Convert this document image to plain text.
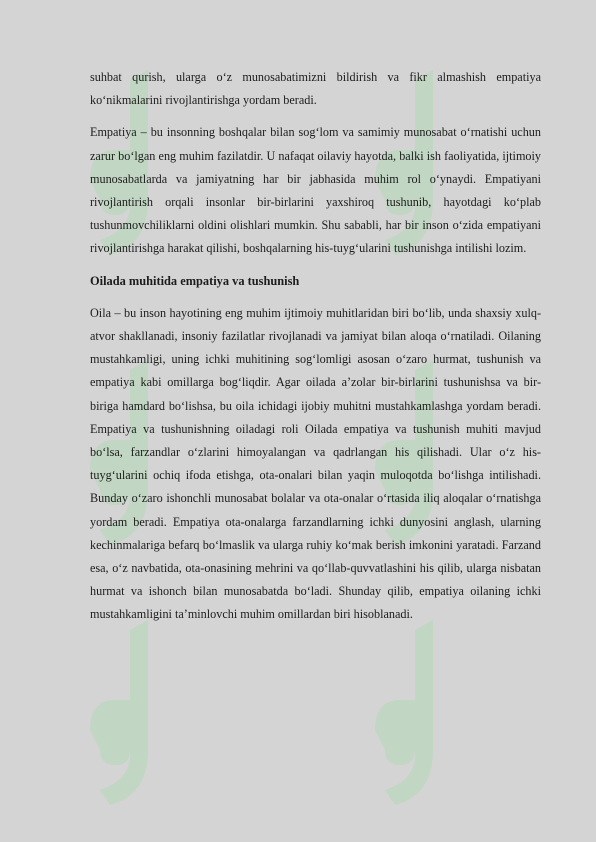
suhbat qurish, ularga o‘z munosabatimizni bildirish va fikr almashish empatiya ko‘nikmalarini rivojlantirishga yordam beradi.

Empatiya – bu insonning boshqalar bilan sog‘lom va samimiy munosabat o‘rnatishi uchun zarur bo‘lgan eng muhim fazilatdir. U nafaqat oilaviy hayotda, balki ish faoliyatida, ijtimoiy munosabatlarda va jamiyatning har bir jabhasida muhim rol o‘ynaydi. Empatiyani rivojlantirish orqali insonlar bir-birlarini yaxshiroq tushunib, hayotdagi ko‘plab tushunmovchiliklarni oldini olishlari mumkin. Shu sababli, har bir inson o‘zida empatiyani rivojlantirishga harakat qilishi, boshqalarning his-tuyg‘ularini tushunishga intilishi lozim.

Oilada muhitida empatiya va tushunish

Oila – bu inson hayotining eng muhim ijtimoiy muhitlaridan biri bo‘lib, unda shaxsiy xulq-atvor shakllanadi, insoniy fazilatlar rivojlanadi va jamiyat bilan aloqa o‘rnatiladi. Oilaning mustahkamligi, uning ichki muhitining sog‘lomligi asosan o‘zaro hurmat, tushunish va empatiya kabi omillarga bog‘liqdir. Agar oilada a’zolar bir-birlarini tushunishsa va bir-biriga hamdard bo‘lishsa, bu oila ichidagi ijobiy muhitni mustahkamlashga yordam beradi. Empatiya va tushunishning oiladagi roli Oilada empatiya va tushunish muhiti mavjud bo‘lsa, farzandlar o‘zlarini himoyalangan va qadrlangan his qilishadi. Ular o‘z his-tuyg‘ularini ochiq ifoda etishga, ota-onalari bilan yaqin muloqotda bo‘lishga intilishadi. Bunday o‘zaro ishonchli munosabat bolalar va ota-onalar o‘rtasida iliq aloqalar o‘rnatishga yordam beradi. Empatiya ota-onalarga farzandlarning ichki dunyosini anglash, ularning kechinmalariga befarq bo‘lmaslik va ularga ruhiy ko‘mak berish imkonini yaratadi. Farzand esa, o‘z navbatida, ota-onasining mehrini va qo‘llab-quvvatlashini his qilib, ularga nisbatan hurmat va ishonch bilan munosabatda bo‘ladi. Shunday qilib, empatiya oilaning ichki mustahkamligini ta’minlovchi muhim omillardan biri hisoblanadi.
